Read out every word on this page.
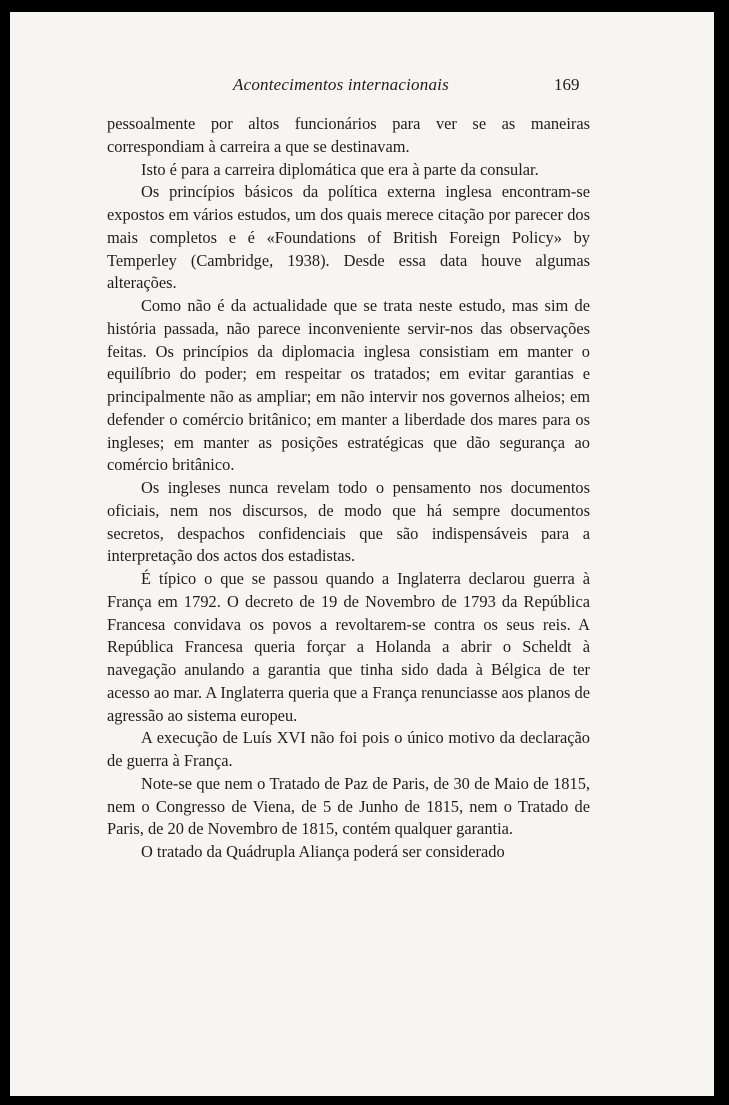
Acontecimentos internacionais	169

pessoalmente por altos funcionários para ver se as maneiras correspondiam à carreira a que se destinavam.

Isto é para a carreira diplomática que era à parte da consular.

Os princípios básicos da política externa inglesa encontram-se expostos em vários estudos, um dos quais merece citação por parecer dos mais completos e é «Foundations of British Foreign Policy» by Temperley (Cambridge, 1938). Desde essa data houve algumas alterações.

Como não é da actualidade que se trata neste estudo, mas sim de história passada, não parece inconveniente servir-nos das observações feitas. Os princípios da diplomacia inglesa consistiam em manter o equilíbrio do poder; em respeitar os tratados; em evitar garantias e principalmente não as ampliar; em não intervir nos governos alheios; em defender o comércio britânico; em manter a liberdade dos mares para os ingleses; em manter as posições estratégicas que dão segurança ao comércio britânico.

Os ingleses nunca revelam todo o pensamento nos documentos oficiais, nem nos discursos, de modo que há sempre documentos secretos, despachos confidenciais que são indispensáveis para a interpretação dos actos dos estadistas.

É típico o que se passou quando a Inglaterra declarou guerra à França em 1792. O decreto de 19 de Novembro de 1793 da República Francesa convidava os povos a revoltarem-se contra os seus reis. A República Francesa queria forçar a Holanda a abrir o Scheldt à navegação anulando a garantia que tinha sido dada à Bélgica de ter acesso ao mar. A Inglaterra queria que a França renunciasse aos planos de agressão ao sistema europeu.

A execução de Luís XVI não foi pois o único motivo da declaração de guerra à França.

Note-se que nem o Tratado de Paz de Paris, de 30 de Maio de 1815, nem o Congresso de Viena, de 5 de Junho de 1815, nem o Tratado de Paris, de 20 de Novembro de 1815, contém qualquer garantia.

O tratado da Quádrupla Aliança poderá ser considerado
